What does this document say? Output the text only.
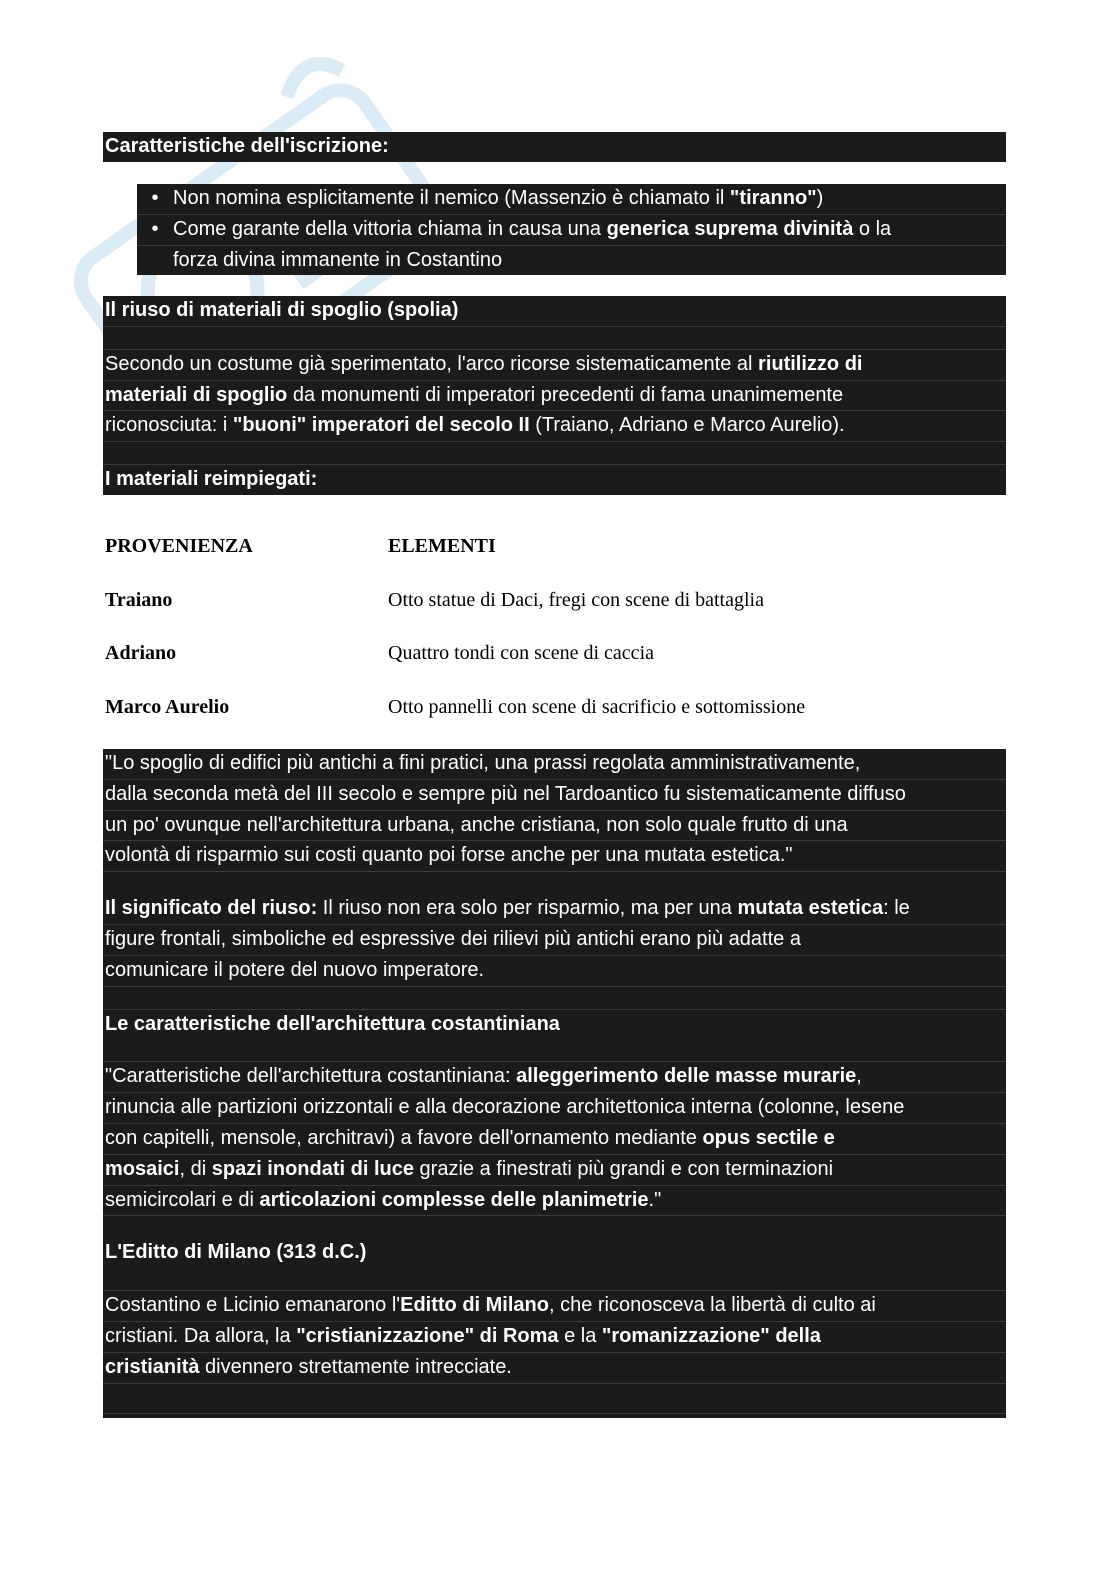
Caratteristiche dell'iscrizione:
• Non nomina esplicitamente il nemico (Massenzio è chiamato il "tiranno")
• Come garante della vittoria chiama in causa una generica suprema divinità o la
forza divina immanente in Costantino
Il riuso di materiali di spoglio (spolia)
Secondo un costume già sperimentato, l'arco ricorse sistematicamente al riutilizzo di
materiali di spoglio da monumenti di imperatori precedenti di fama unanimemente
riconosciuta: i "buoni" imperatori del secolo II (Traiano, Adriano e Marco Aurelio).
I materiali reimpiegati:
PROVENIENZA	ELEMENTI
Traiano	Otto statue di Daci, fregi con scene di battaglia
Adriano	Quattro tondi con scene di caccia
Marco Aurelio	Otto pannelli con scene di sacrificio e sottomissione
"Lo spoglio di edifici più antichi a fini pratici, una prassi regolata amministrativamente,
dalla seconda metà del III secolo e sempre più nel Tardoantico fu sistematicamente diffuso
un po' ovunque nell'architettura urbana, anche cristiana, non solo quale frutto di una
volontà di risparmio sui costi quanto poi forse anche per una mutata estetica."
Il significato del riuso: Il riuso non era solo per risparmio, ma per una mutata estetica: le
figure frontali, simboliche ed espressive dei rilievi più antichi erano più adatte a
comunicare il potere del nuovo imperatore.
Le caratteristiche dell'architettura costantiniana
"Caratteristiche dell'architettura costantiniana: alleggerimento delle masse murarie,
rinuncia alle partizioni orizzontali e alla decorazione architettonica interna (colonne, lesene
con capitelli, mensole, architravi) a favore dell'ornamento mediante opus sectile e
mosaici, di spazi inondati di luce grazie a finestrati più grandi e con terminazioni
semicircolari e di articolazioni complesse delle planimetrie."
L'Editto di Milano (313 d.C.)
Costantino e Licinio emanarono l'Editto di Milano, che riconosceva la libertà di culto ai
cristiani. Da allora, la "cristianizzazione" di Roma e la "romanizzazione" della
cristianità divennero strettamente intrecciate.
